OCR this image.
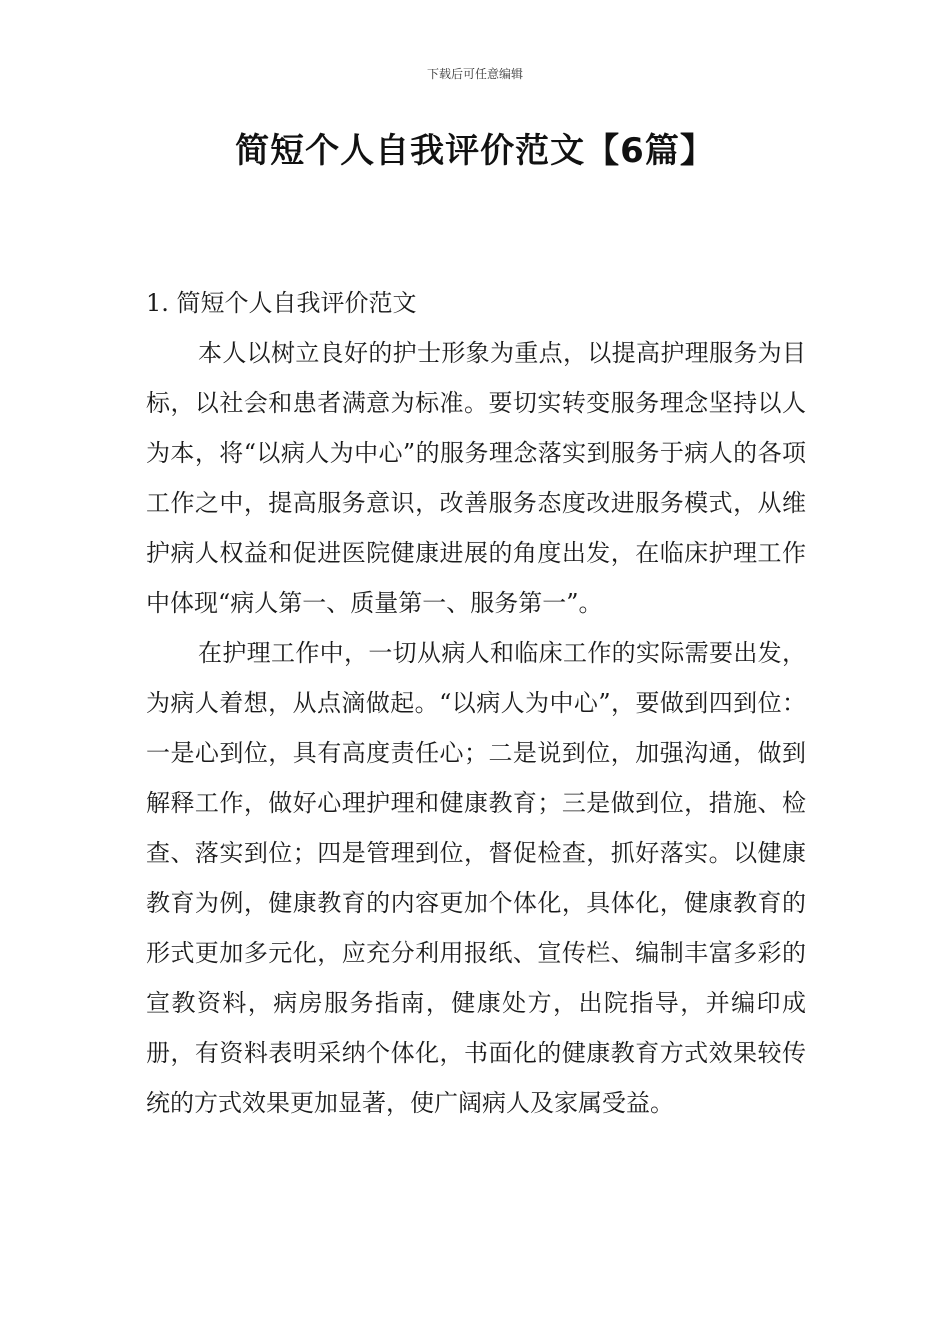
下载后可任意编辑
简短个人自我评价范文【6篇】

1. 简短个人自我评价范文

本人以树立良好的护士形象为重点，以提高护理服务为目标，以社会和患者满意为标准。要切实转变服务理念坚持以人为本，将“以病人为中心”的服务理念落实到服务于病人的各项工作之中，提高服务意识，改善服务态度改进服务模式，从维护病人权益和促进医院健康进展的角度出发，在临床护理工作中体现“病人第一、质量第一、服务第一”。

在护理工作中，一切从病人和临床工作的实际需要出发，为病人着想，从点滴做起。“以病人为中心”，要做到四到位：一是心到位，具有高度责任心；二是说到位，加强沟通，做到解释工作，做好心理护理和健康教育；三是做到位，措施、检查、落实到位；四是管理到位，督促检查，抓好落实。以健康教育为例，健康教育的内容更加个体化，具体化，健康教育的形式更加多元化，应充分利用报纸、宣传栏、编制丰富多彩的宣教资料，病房服务指南，健康处方，出院指导，并编印成册，有资料表明采纳个体化，书面化的健康教育方式效果较传统的方式效果更加显著，使广阔病人及家属受益。
